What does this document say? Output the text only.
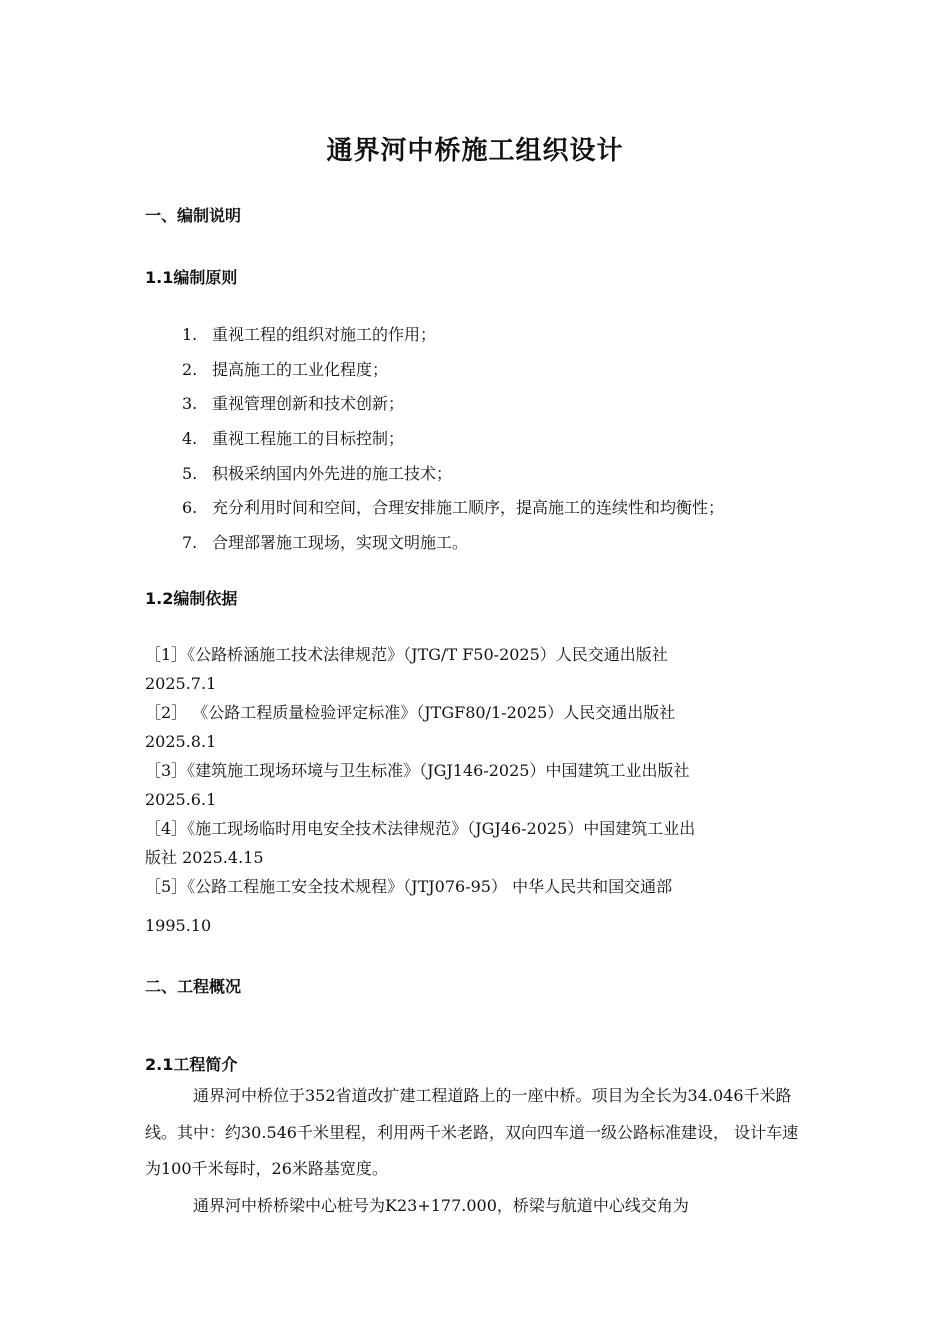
通界河中桥施工组织设计
一、编制说明
1.1编制原则
1. 重视工程的组织对施工的作用；
2. 提高施工的工业化程度；
3. 重视管理创新和技术创新；
4. 重视工程施工的目标控制；
5. 积极采纳国内外先进的施工技术；
6. 充分利用时间和空间，合理安排施工顺序，提高施工的连续性和均衡性；
7. 合理部署施工现场，实现文明施工。
1.2编制依据
［1］《公路桥涵施工技术法律规范》（JTG/T F50-2025）人民交通出版社
2025.7.1
［2］ 《公路工程质量检验评定标准》（JTGF80/1-2025）人民交通出版社
2025.8.1
［3］《建筑施工现场环境与卫生标准》（JGJ146-2025）中国建筑工业出版社
2025.6.1
［4］《施工现场临时用电安全技术法律规范》（JGJ46-2025）中国建筑工业出
版社 2025.4.15
［5］《公路工程施工安全技术规程》（JTJ076-95） 中华人民共和国交通部
1995.10
二、工程概况
2.1工程简介

通界河中桥位于352省道改扩建工程道路上的一座中桥。项目为全长为34.046千米路线。其中：约30.546千米里程，利用两千米老路，双向四车道一级公路标准建设， 设计车速为100千米每时，26米路基宽度。

通界河中桥桥梁中心桩号为K23+177.000，桥梁与航道中心线交角为
